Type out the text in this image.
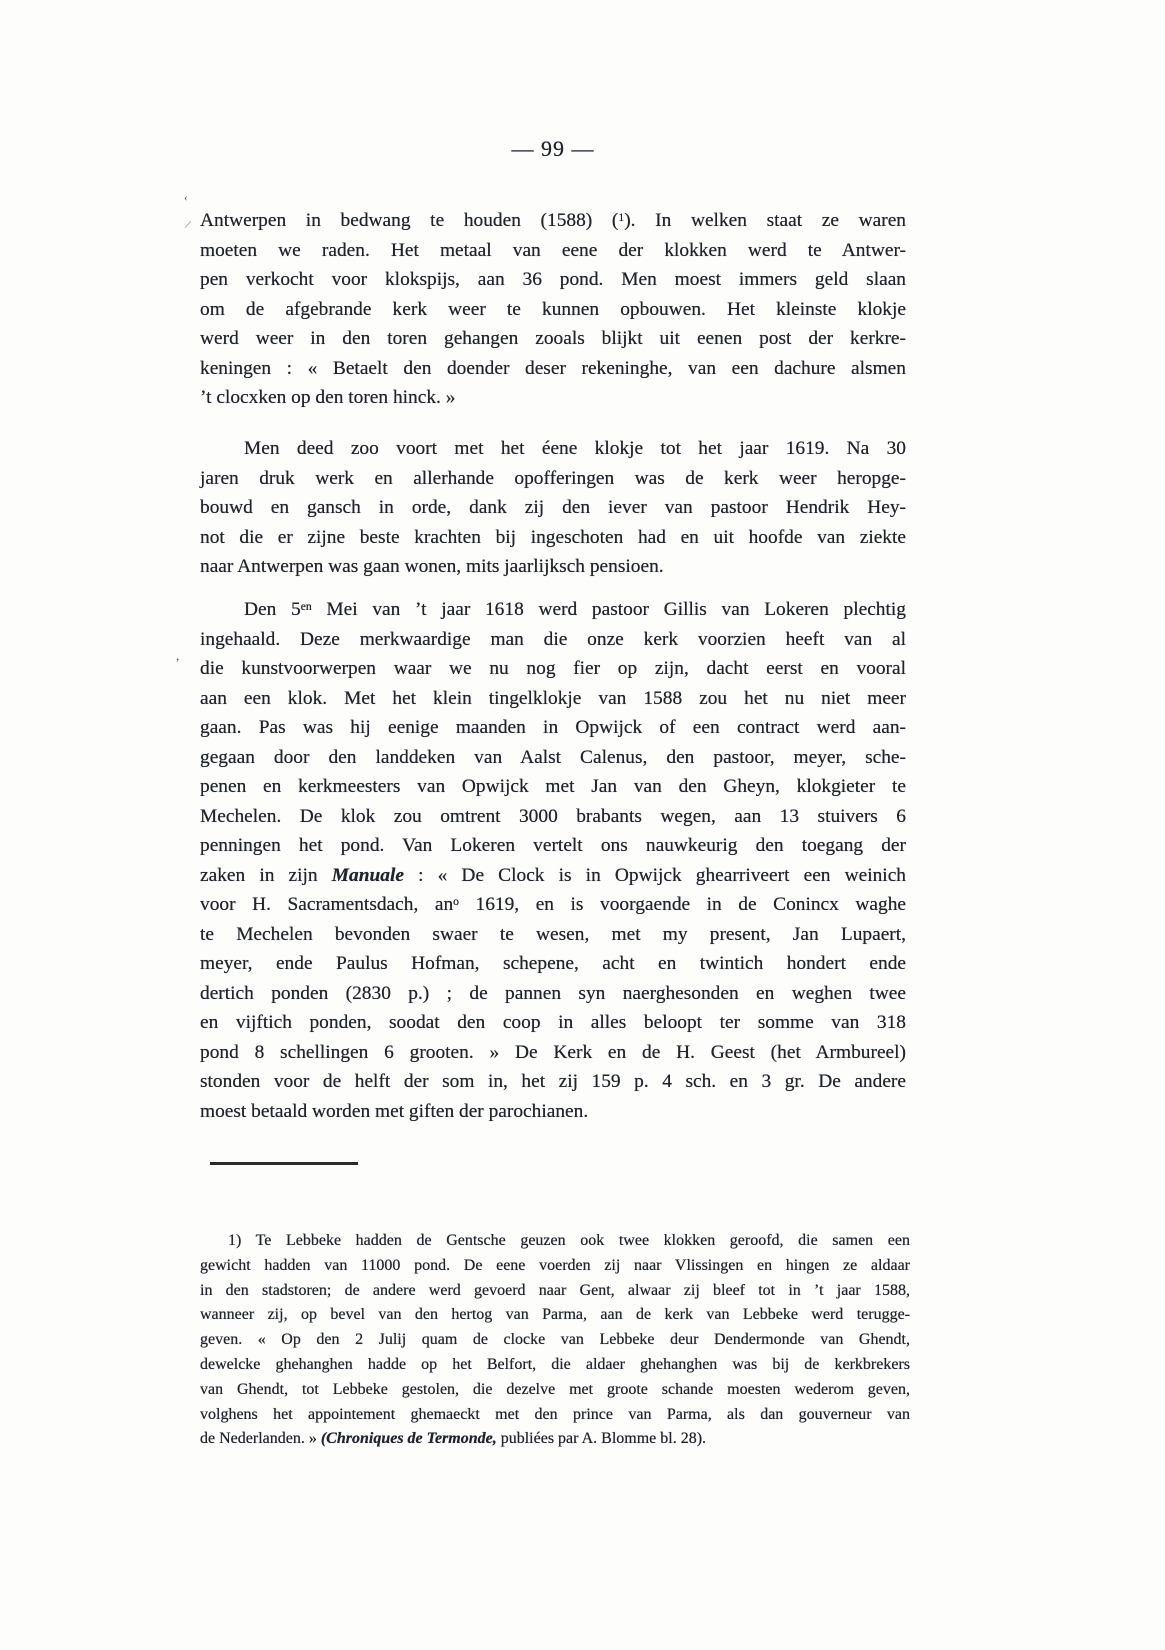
— 99 —
‹
⁄
,
Antwerpen in bedwang te houden (1588) ($^1$). In welken staat ze waren
moeten we raden. Het metaal van eene der klokken werd te Antwer-
pen verkocht voor klokspijs, aan 36 pond. Men moest immers geld slaan
om de afgebrande kerk weer te kunnen opbouwen. Het kleinste klokje
werd weer in den toren gehangen zooals blijkt uit eenen post der kerkre-
keningen : « Betaelt den doender deser rekeninghe, van een dachure alsmen
’t clocxken op den toren hinck. »
Men deed zoo voort met het éene klokje tot het jaar 1619. Na 30
jaren druk werk en allerhande opofferingen was de kerk weer heropge-
bouwd en gansch in orde, dank zij den iever van pastoor Hendrik Hey-
not die er zijne beste krachten bij ingeschoten had en uit hoofde van ziekte
naar Antwerpen was gaan wonen, mits jaarlijksch pensioen.
Den $5^{en}$ Mei van ’t jaar 1618 werd pastoor Gillis van Lokeren plechtig
ingehaald. Deze merkwaardige man die onze kerk voorzien heeft van al
die kunstvoorwerpen waar we nu nog fier op zijn, dacht eerst en vooral
aan een klok. Met het klein tingelklokje van 1588 zou het nu niet meer
gaan. Pas was hij eenige maanden in Opwijck of een contract werd aan-
gegaan door den landdeken van Aalst Calenus, den pastoor, meyer, sche-
penen en kerkmeesters van Opwijck met Jan van den Gheyn, klokgieter te
Mechelen. De klok zou omtrent 3000 brabants wegen, aan 13 stuivers 6
penningen het pond. Van Lokeren vertelt ons nauwkeurig den toegang der
zaken in zijn Manuale : « De Clock is in Opwijck ghearriveert een weinich
voor H. Sacramentsdach, $an^o$ 1619, en is voorgaende in de Conincx waghe
te Mechelen bevonden swaer te wesen, met my present, Jan Lupaert,
meyer, ende Paulus Hofman, schepene, acht en twintich hondert ende
dertich ponden (2830 p.) ; de pannen syn naerghesonden en weghen twee
en vijftich ponden, soodat den coop in alles beloopt ter somme van 318
pond 8 schellingen 6 grooten. » De Kerk en de H. Geest (het Armbureel)
stonden voor de helft der som in, het zij 159 p. 4 sch. en 3 gr. De andere
moest betaald worden met giften der parochianen.
1) Te Lebbeke hadden de Gentsche geuzen ook twee klokken geroofd, die samen een
gewicht hadden van 11000 pond. De eene voerden zij naar Vlissingen en hingen ze aldaar
in den stadstoren; de andere werd gevoerd naar Gent, alwaar zij bleef tot in ’t jaar 1588,
wanneer zij, op bevel van den hertog van Parma, aan de kerk van Lebbeke werd terugge-
geven. « Op den 2 Julij quam de clocke van Lebbeke deur Dendermonde van Ghendt,
dewelcke ghehanghen hadde op het Belfort, die aldaer ghehanghen was bij de kerkbrekers
van Ghendt, tot Lebbeke gestolen, die dezelve met groote schande moesten wederom geven,
volghens het appointement ghemaeckt met den prince van Parma, als dan gouverneur van
de Nederlanden. » (Chroniques de Termonde, publiées par A. Blomme bl. 28).
